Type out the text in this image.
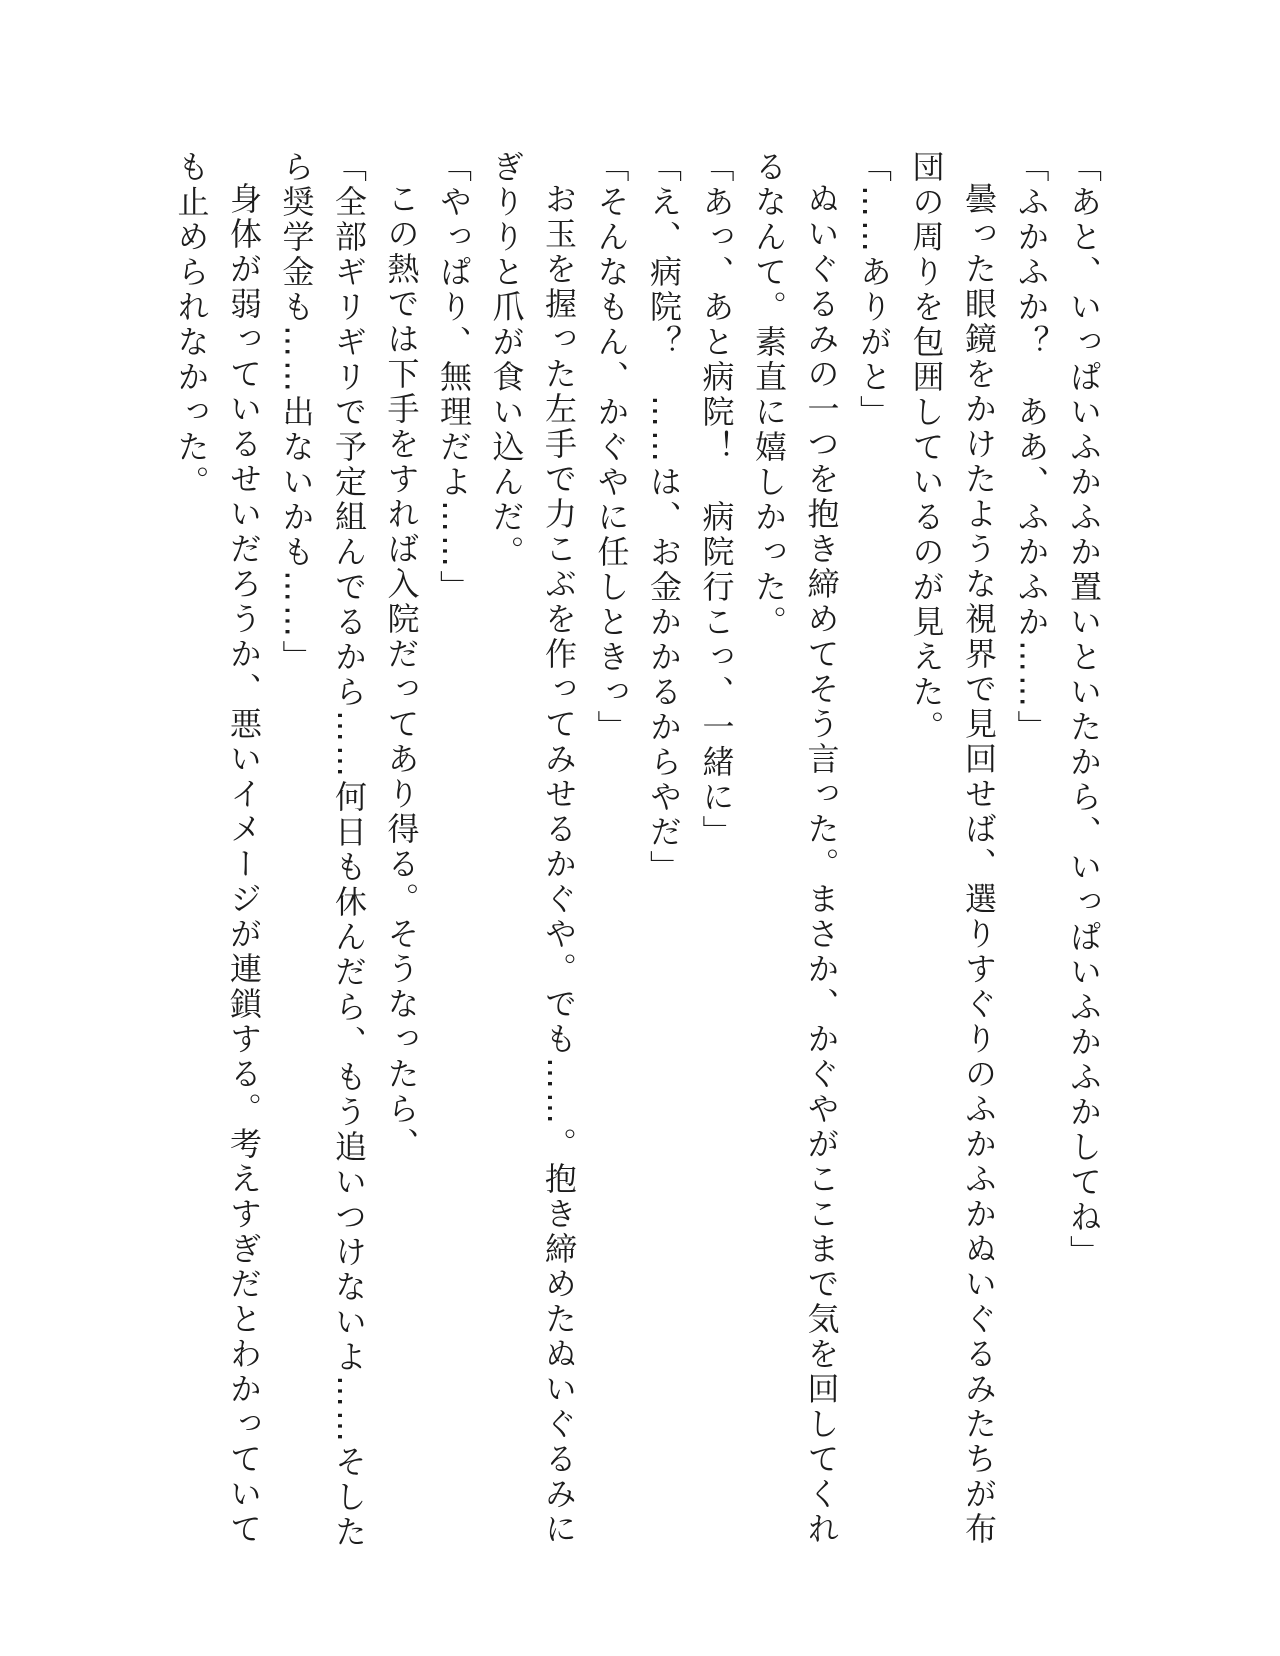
「あと、いっぱいふかふか置いといたから、いっぱいふかふかしてね」

「ふかふか？　ああ、ふかふか……」

曇った眼鏡をかけたような視界で見回せば、選りすぐりのふかふかぬいぐるみたちが布団の周りを包囲しているのが見えた。

「……ありがと」

ぬいぐるみの一つを抱き締めてそう言った。まさか、かぐやがここまで気を回してくれるなんて。素直に嬉しかった。

「あっ、あと病院！　病院行こっ、一緒に」

「え、病院？　……は、お金かかるからやだ」

「そんなもん、かぐやに任しときっ」

お玉を握った左手で力こぶを作ってみせるかぐや。でも……。抱き締めたぬいぐるみにぎりりと爪が食い込んだ。

「やっぱり、無理だよ……」

この熱では下手をすれば入院だってあり得る。そうなったら、

「全部ギリギリで予定組んでるから……何日も休んだら、もう追いつけないよ……そしたら奨学金も……出ないかも……」

身体が弱っているせいだろうか、悪いイメージが連鎖する。考えすぎだとわかっていても止められなかった。
